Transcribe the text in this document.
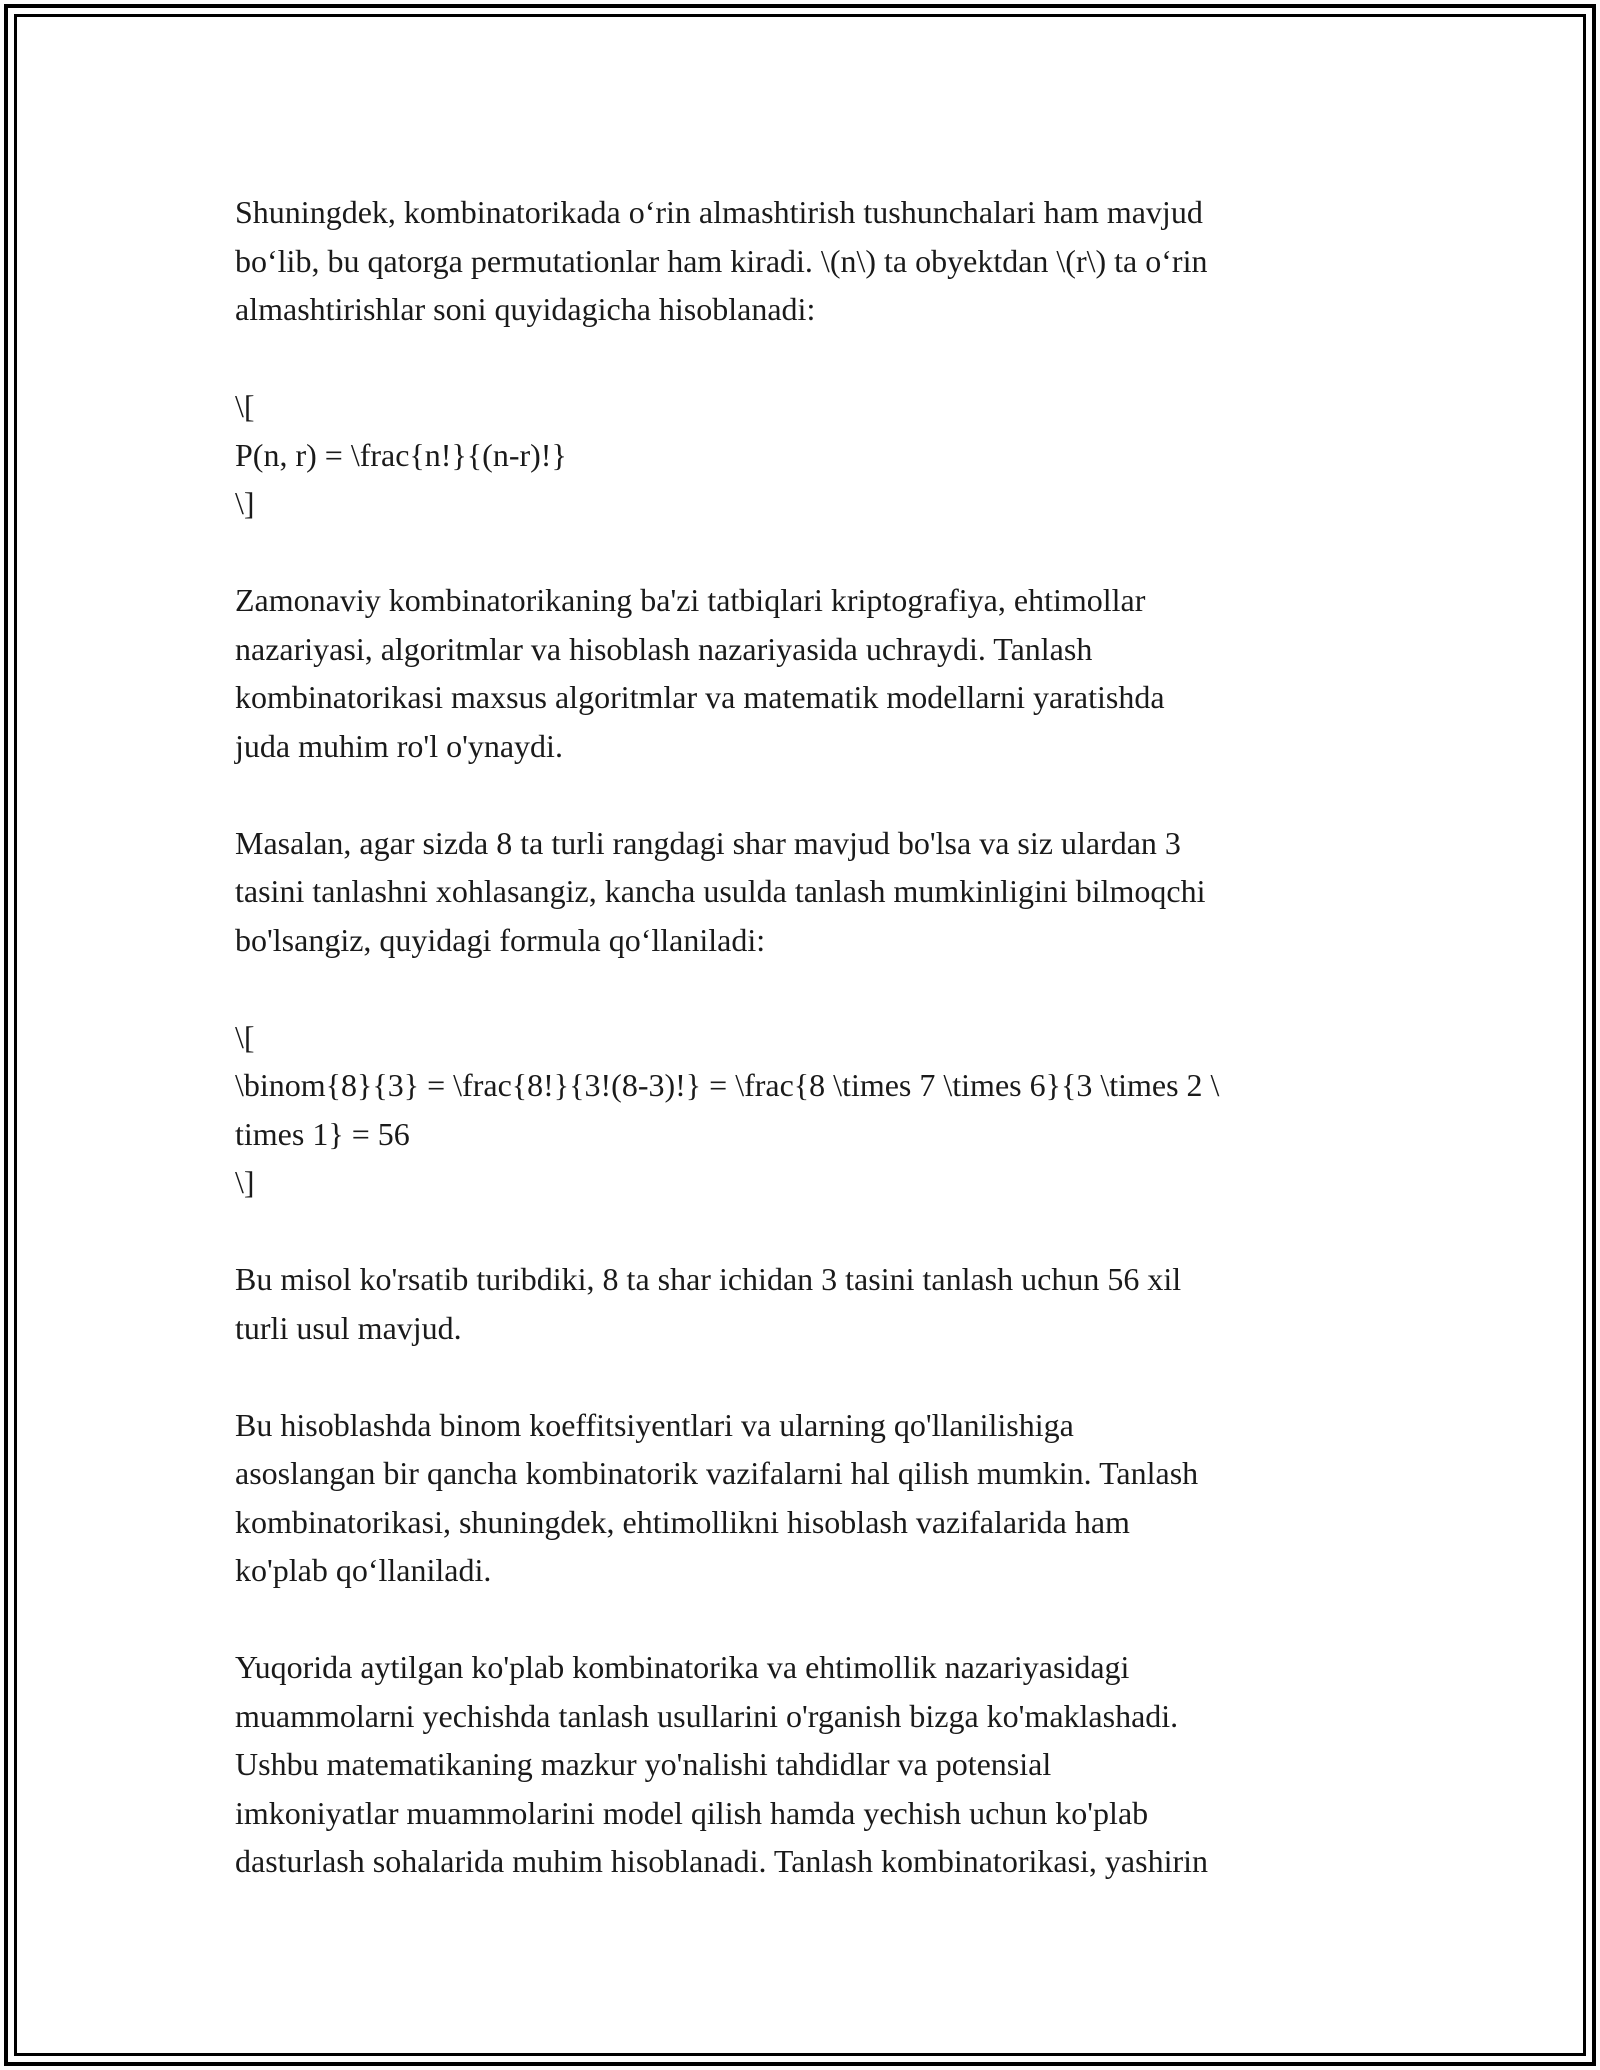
Shuningdek, kombinatorikada o‘rin almashtirish tushunchalari ham mavjud
bo‘lib, bu qatorga permutationlar ham kiradi. \(n\) ta obyektdan \(r\) ta o‘rin
almashtirishlar soni quyidagicha hisoblanadi:

\[
P(n, r) = \frac{n!}{(n-r)!}
\]

Zamonaviy kombinatorikaning ba'zi tatbiqlari kriptografiya, ehtimollar
nazariyasi, algoritmlar va hisoblash nazariyasida uchraydi. Tanlash
kombinatorikasi maxsus algoritmlar va matematik modellarni yaratishda
juda muhim ro'l o'ynaydi.

Masalan, agar sizda 8 ta turli rangdagi shar mavjud bo'lsa va siz ulardan 3
tasini tanlashni xohlasangiz, kancha usulda tanlash mumkinligini bilmoqchi
bo'lsangiz, quyidagi formula qo‘llaniladi:

\[
\binom{8}{3} = \frac{8!}{3!(8-3)!} = \frac{8 \times 7 \times 6}{3 \times 2 \
times 1} = 56
\]

Bu misol ko'rsatib turibdiki, 8 ta shar ichidan 3 tasini tanlash uchun 56 xil
turli usul mavjud.

Bu hisoblashda binom koeffitsiyentlari va ularning qo'llanilishiga
asoslangan bir qancha kombinatorik vazifalarni hal qilish mumkin. Tanlash
kombinatorikasi, shuningdek, ehtimollikni hisoblash vazifalarida ham
ko'plab qo‘llaniladi.

Yuqorida aytilgan ko'plab kombinatorika va ehtimollik nazariyasidagi
muammolarni yechishda tanlash usullarini o'rganish bizga ko'maklashadi.
Ushbu matematikaning mazkur yo'nalishi tahdidlar va potensial
imkoniyatlar muammolarini model qilish hamda yechish uchun ko'plab
dasturlash sohalarida muhim hisoblanadi. Tanlash kombinatorikasi, yashirin
